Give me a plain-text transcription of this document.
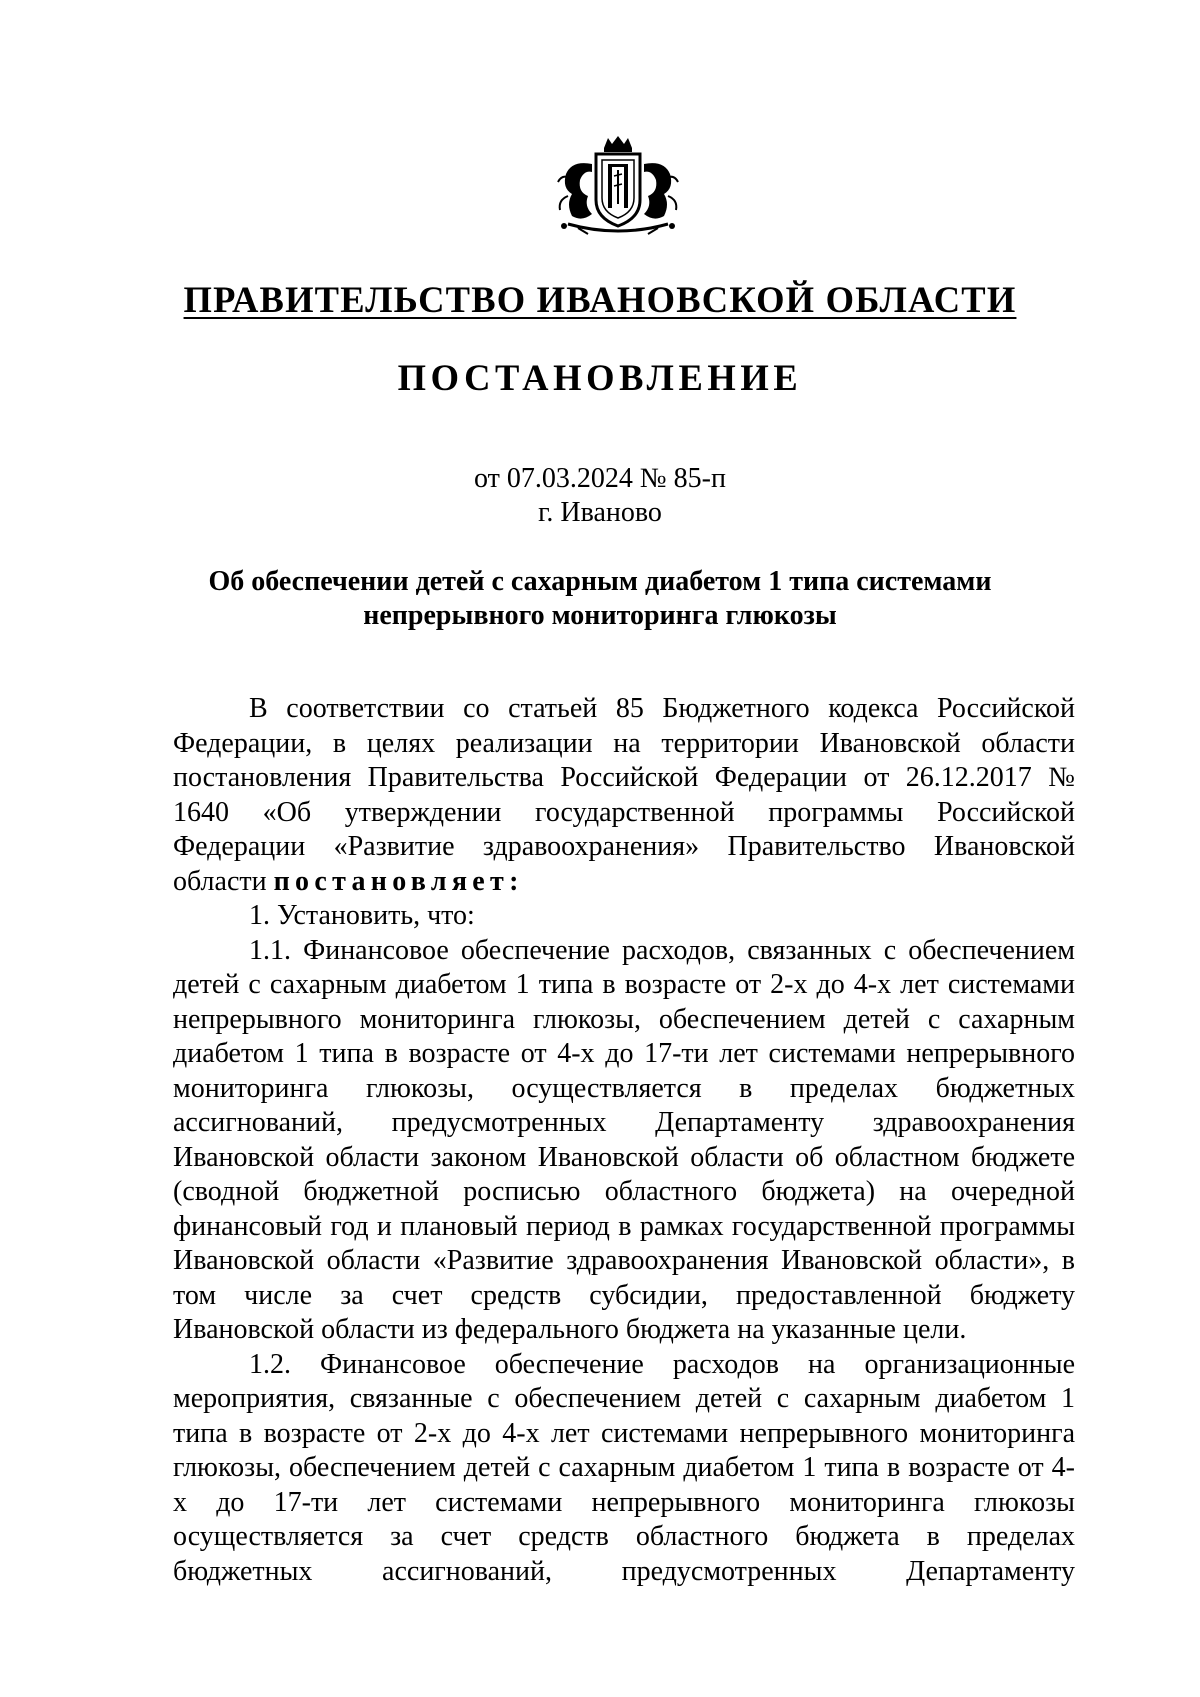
ПРАВИТЕЛЬСТВО ИВАНОВСКОЙ ОБЛАСТИ
ПОСТАНОВЛЕНИЕ
от 07.03.2024 № 85-п
г. Иваново
Об обеспечении детей с сахарным диабетом 1 типа системами
непрерывного мониторинга глюкозы

В соответствии со статьей 85 Бюджетного кодекса Российской Федерации, в целях реализации на территории Ивановской области постановления Правительства Российской Федерации от 26.12.2017 № 1640 «Об утверждении государственной программы Российской Федерации «Развитие здравоохранения» Правительство Ивановской области постановляет:

1. Установить, что:

1.1. Финансовое обеспечение расходов, связанных с обеспечением детей с сахарным диабетом 1 типа в возрасте от 2-х до 4-х лет системами непрерывного мониторинга глюкозы, обеспечением детей с сахарным диабетом 1 типа в возрасте от 4-х до 17-ти лет системами непрерывного мониторинга глюкозы, осуществляется в пределах бюджетных ассигнований, предусмотренных Департаменту здравоохранения Ивановской области законом Ивановской области об областном бюджете (сводной бюджетной росписью областного бюджета) на очередной финансовый год и плановый период в рамках государственной программы Ивановской области «Развитие здравоохранения Ивановской области», в том числе за счет средств субсидии, предоставленной бюджету Ивановской области из федерального бюджета на указанные цели.

1.2. Финансовое обеспечение расходов на организационные мероприятия, связанные с обеспечением детей с сахарным диабетом 1 типа в возрасте от 2-х до 4-х лет системами непрерывного мониторинга глюкозы, обеспечением детей с сахарным диабетом 1 типа в возрасте от 4-х до 17-ти лет системами непрерывного мониторинга глюкозы осуществляется за счет средств областного бюджета в пределах бюджетных ассигнований, предусмотренных Департаменту
